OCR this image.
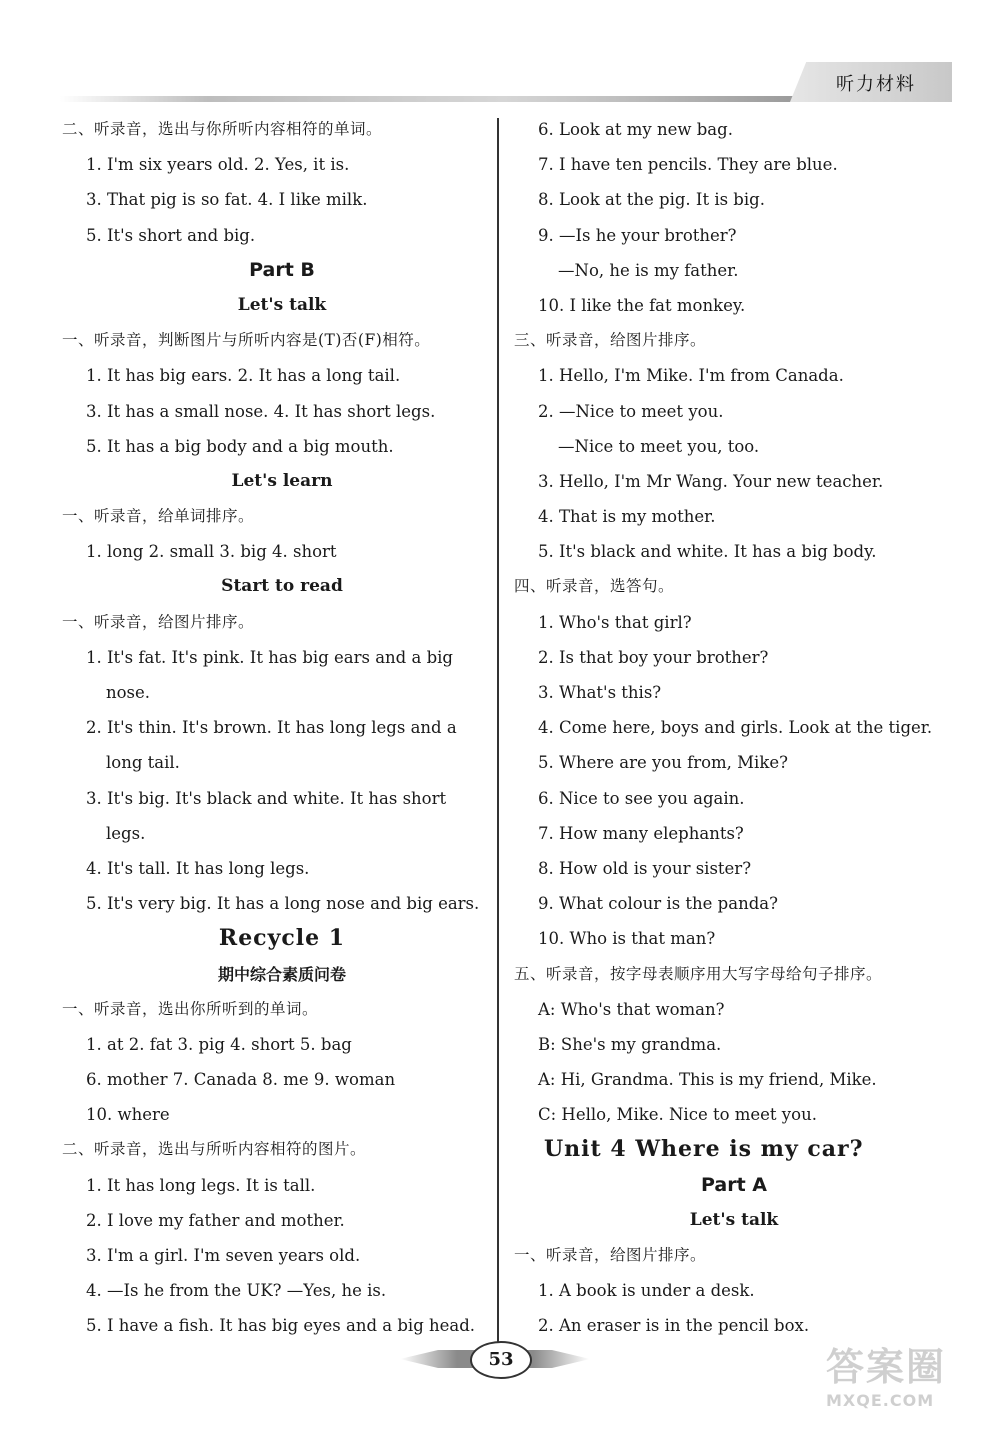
听力材料
二、听录音，选出与你所听内容相符的单词。
1. I'm six years old. 2. Yes, it is.
3. That pig is so fat. 4. I like milk.
5. It's short and big.
Part B
Let's talk
一、听录音，判断图片与所听内容是(T)否(F)相符。
1. It has big ears. 2. It has a long tail.
3. It has a small nose. 4. It has short legs.
5. It has a big body and a big mouth.
Let's learn
一、听录音，给单词排序。
1. long 2. small 3. big 4. short
Start to read
一、听录音，给图片排序。
1. It's fat. It's pink. It has big ears and a big
nose.
2. It's thin. It's brown. It has long legs and a
long tail.
3. It's big. It's black and white. It has short
legs.
4. It's tall. It has long legs.
5. It's very big. It has a long nose and big ears.
Recycle 1
期中综合素质问卷
一、听录音，选出你所听到的单词。
1. at 2. fat 3. pig 4. short 5. bag
6. mother 7. Canada 8. me 9. woman
10. where
二、听录音，选出与所听内容相符的图片。
1. It has long legs. It is tall.
2. I love my father and mother.
3. I'm a girl. I'm seven years old.
4. —Is he from the UK? —Yes, he is.
5. I have a fish. It has big eyes and a big head.
6. Look at my new bag.
7. I have ten pencils. They are blue.
8. Look at the pig. It is big.
9. —Is he your brother?
—No, he is my father.
10. I like the fat monkey.
三、听录音，给图片排序。
1. Hello, I'm Mike. I'm from Canada.
2. —Nice to meet you.
—Nice to meet you, too.
3. Hello, I'm Mr Wang. Your new teacher.
4. That is my mother.
5. It's black and white. It has a big body.
四、听录音，选答句。
1. Who's that girl?
2. Is that boy your brother?
3. What's this?
4. Come here, boys and girls. Look at the tiger.
5. Where are you from, Mike?
6. Nice to see you again.
7. How many elephants?
8. How old is your sister?
9. What colour is the panda?
10. Who is that man?
五、听录音，按字母表顺序用大写字母给句子排序。
A: Who's that woman?
B: She's my grandma.
A: Hi, Grandma. This is my friend, Mike.
C: Hello, Mike. Nice to meet you.
Unit 4 Where is my car?
Part A
Let's talk
一、听录音，给图片排序。
1. A book is under a desk.
2. An eraser is in the pencil box.
53	答案圈
MXQE.COM
